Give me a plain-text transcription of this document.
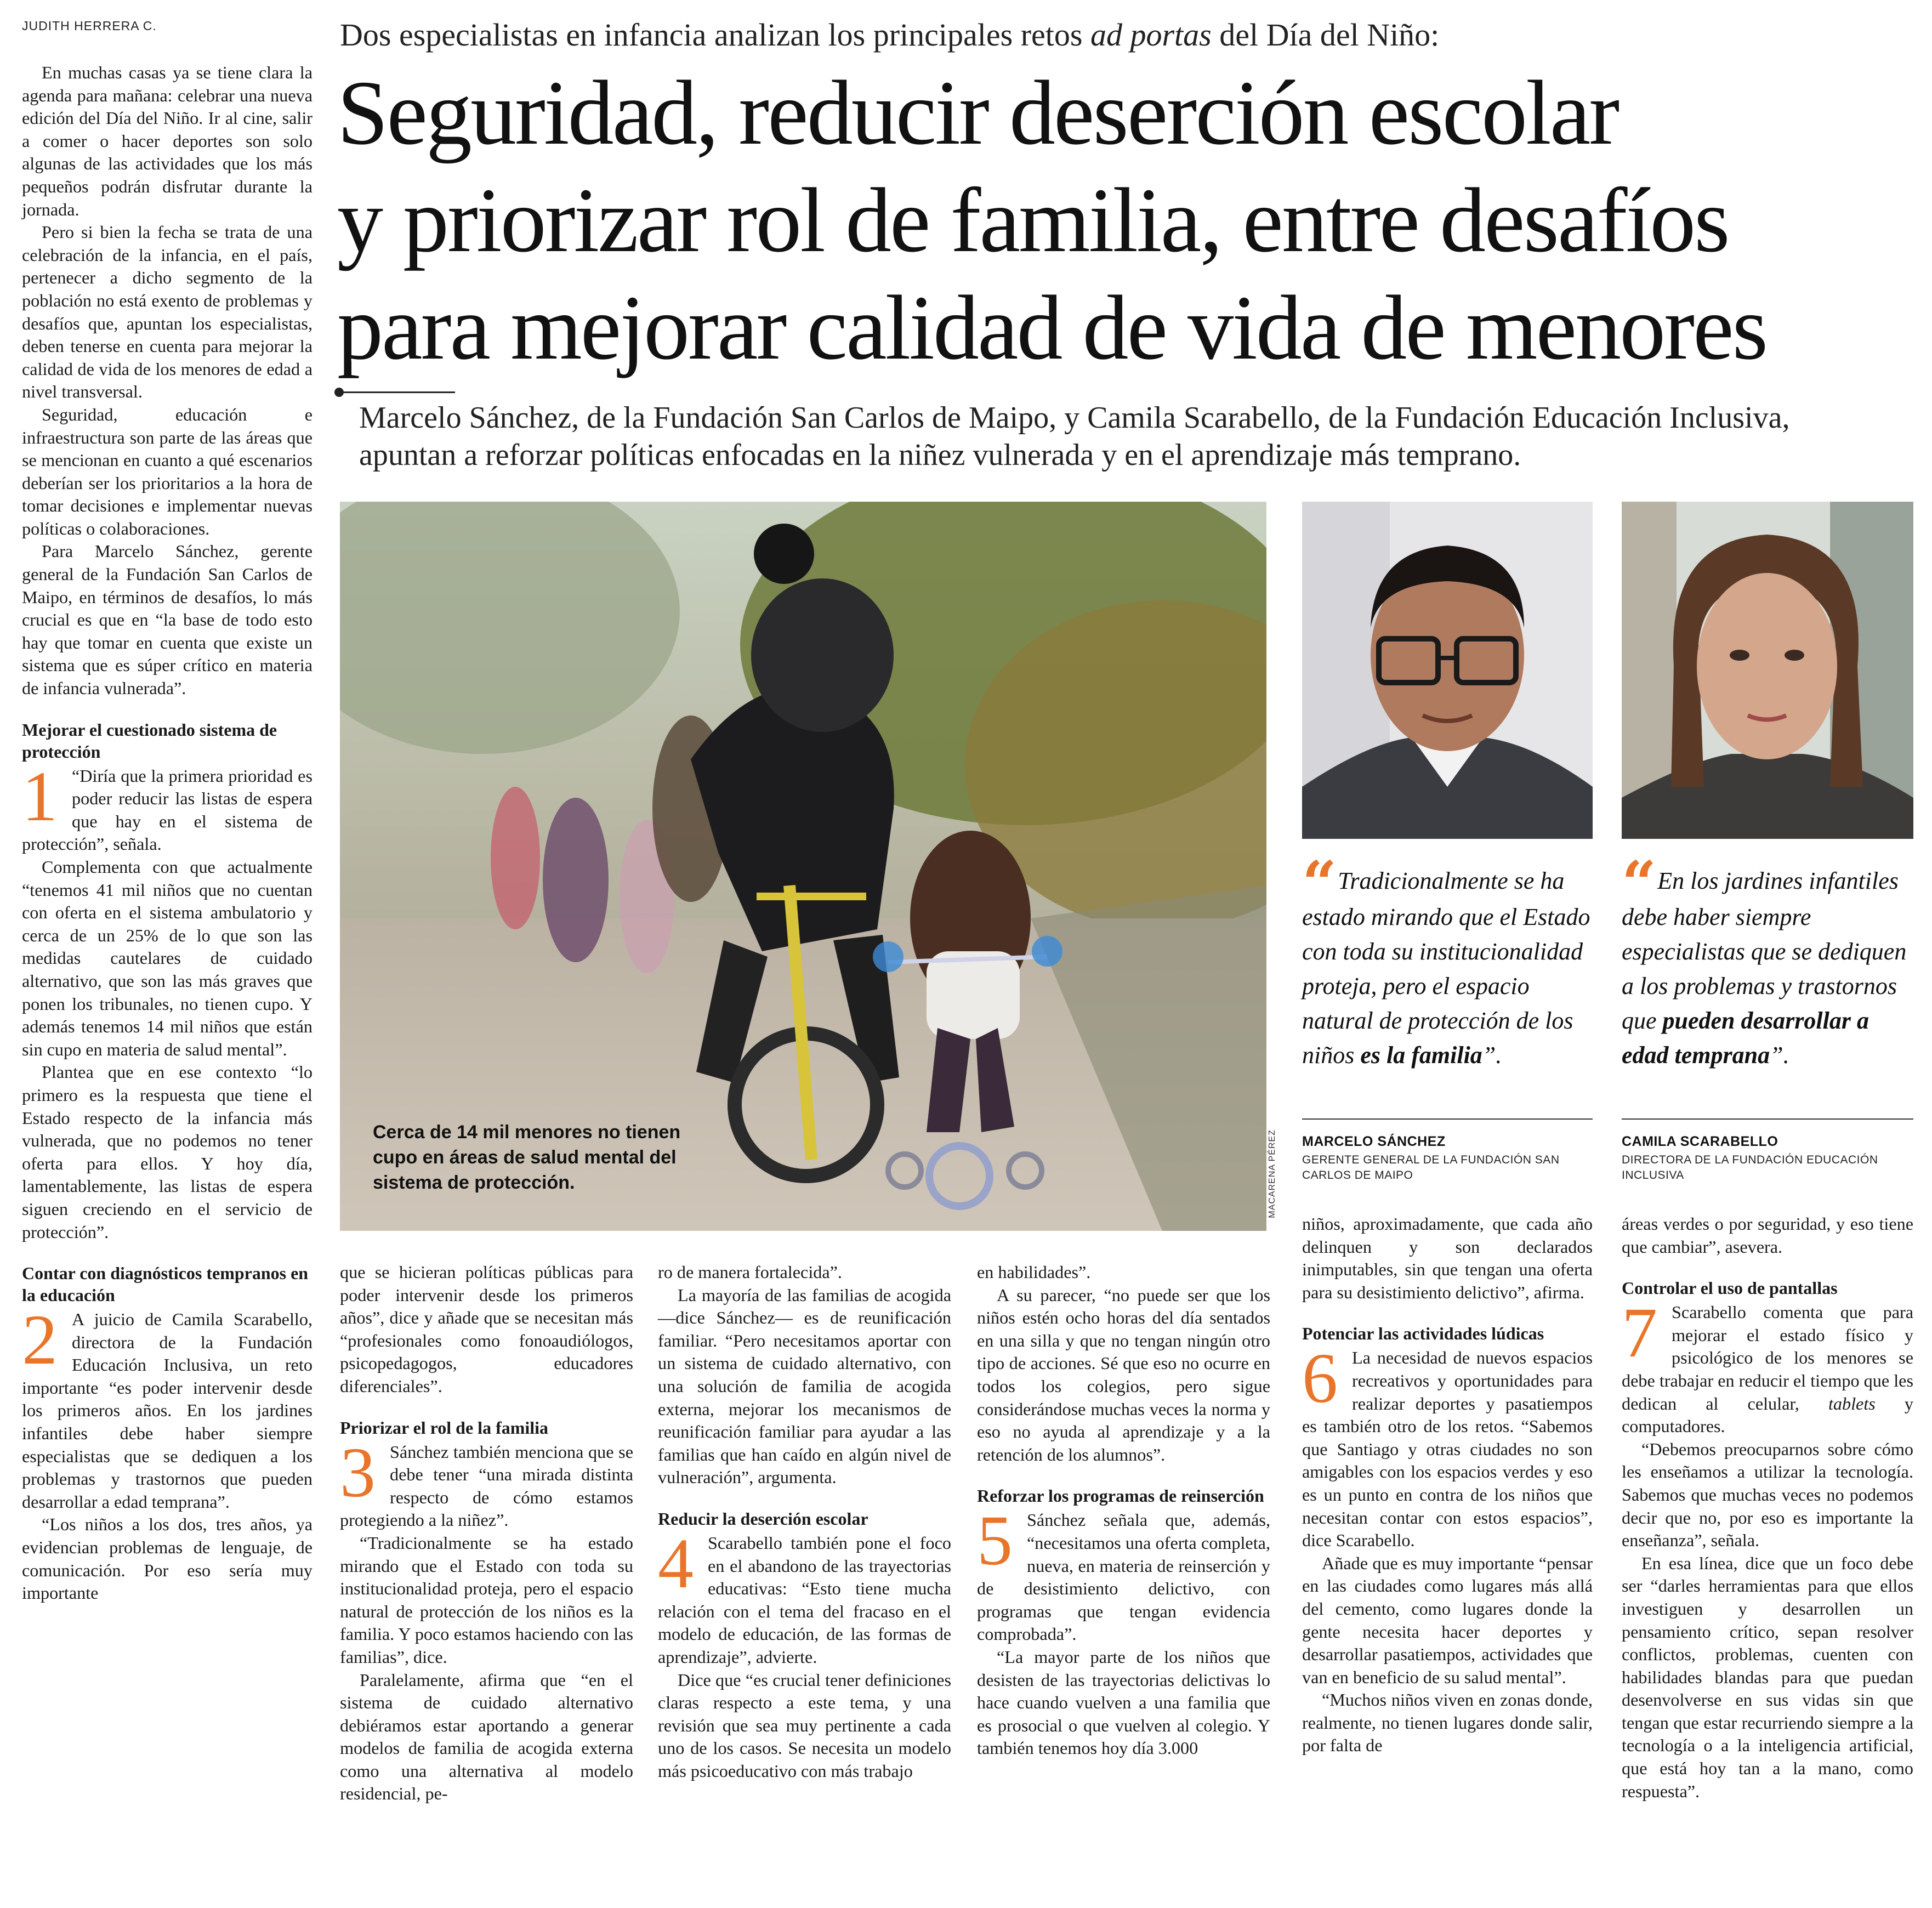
JUDITH HERRERA C.	Dos especialistas en infancia analizan los principales retos ad portas del Día del Niño:
Seguridad, reducir deserción escolar
y priorizar rol de familia, entre desafíos
para mejorar calidad de vida de menores
Marcelo Sánchez, de la Fundación San Carlos de Maipo, y Camila Scarabello, de la Fundación Educación Inclusiva, apuntan a reforzar políticas enfocadas en la niñez vulnerada y en el aprendizaje más temprano.
MACARENA PÉREZ
Cerca de 14 mil menores no tienen cupo en áreas de salud mental del sistema de protección.
“ Tradicionalmente se ha estado mirando que el Estado con toda su institucionalidad proteja, pero el espacio natural de protección de los niños es la familia”.
MARCELO SÁNCHEZ
GERENTE GENERAL DE LA FUNDACIÓN SAN CARLOS DE MAIPO
“ En los jardines infantiles debe haber siempre especialistas que se dediquen a los problemas y trastornos que pueden desarrollar a edad temprana”.
CAMILA SCARABELLO
DIRECTORA DE LA FUNDACIÓN EDUCACIÓN INCLUSIVA

En muchas casas ya se tiene clara la agenda para mañana: celebrar una nueva edición del Día del Niño. Ir al cine, salir a comer o hacer deportes son solo algunas de las actividades que los más pequeños podrán disfrutar durante la jornada.

Pero si bien la fecha se trata de una celebración de la infancia, en el país, pertenecer a dicho segmento de la población no está exento de problemas y desafíos que, apuntan los especialistas, deben tenerse en cuenta para mejorar la calidad de vida de los menores de edad a nivel transversal.

Seguridad, educación e infraestructura son parte de las áreas que se mencionan en cuanto a qué escenarios deberían ser los prioritarios a la hora de tomar decisiones e implementar nuevas políticas o colaboraciones.

Para Marcelo Sánchez, gerente general de la Fundación San Carlos de Maipo, en términos de desafíos, lo más crucial es que en “la base de todo esto hay que tomar en cuenta que existe un sistema que es súper crítico en materia de infancia vulnerada”.

Mejorar el cuestionado sistema de protección

1 “Diría que la primera prioridad es poder reducir las listas de espera que hay en el sistema de protección”, señala.

Complementa con que actualmente “tenemos 41 mil niños que no cuentan con oferta en el sistema ambulatorio y cerca de un 25% de lo que son las medidas cautelares de cuidado alternativo, que son las más graves que ponen los tribunales, no tienen cupo. Y además tenemos 14 mil niños que están sin cupo en materia de salud mental”.

Plantea que en ese contexto “lo primero es la respuesta que tiene el Estado respecto de la infancia más vulnerada, que no podemos no tener oferta para ellos. Y hoy día, lamentablemente, las listas de espera siguen creciendo en el servicio de protección”.

Contar con diagnósticos tempranos en la educación

2 A juicio de Camila Scarabello, directora de la Fundación Educación Inclusiva, un reto importante “es poder intervenir desde los primeros años. En los jardines infantiles debe haber siempre especialistas que se dediquen a los problemas y trastornos que pueden desarrollar a edad temprana”.

“Los niños a los dos, tres años, ya evidencian problemas de lenguaje, de comunicación. Por eso sería muy importante

que se hicieran políticas públicas para poder intervenir desde los primeros años”, dice y añade que se necesitan más “profesionales como fonoaudiólogos, psicopedagogos, educadores diferenciales”.

Priorizar el rol de la familia

3 Sánchez también menciona que se debe tener “una mirada distinta respecto de cómo estamos protegiendo a la niñez”.

“Tradicionalmente se ha estado mirando que el Estado con toda su institucionalidad proteja, pero el espacio natural de protección de los niños es la familia. Y poco estamos haciendo con las familias”, dice.

Paralelamente, afirma que “en el sistema de cuidado alternativo debiéramos estar aportando a generar modelos de familia de acogida externa como una alternativa al modelo residencial, pe-

ro de manera fortalecida”.

La mayoría de las familias de acogida —dice Sánchez— es de reunificación familiar. “Pero necesitamos aportar con un sistema de cuidado alternativo, con una solución de familia de acogida externa, mejorar los mecanismos de reunificación familiar para ayudar a las familias que han caído en algún nivel de vulneración”, argumenta.

Reducir la deserción escolar

4 Scarabello también pone el foco en el abandono de las trayectorias educativas: “Esto tiene mucha relación con el tema del fracaso en el modelo de educación, de las formas de aprendizaje”, advierte.

Dice que “es crucial tener definiciones claras respecto a este tema, y una revisión que sea muy pertinente a cada uno de los casos. Se necesita un modelo más psicoeducativo con más trabajo

en habilidades”.

A su parecer, “no puede ser que los niños estén ocho horas del día sentados en una silla y que no tengan ningún otro tipo de acciones. Sé que eso no ocurre en todos los colegios, pero sigue considerándose muchas veces la norma y eso no ayuda al aprendizaje y a la retención de los alumnos”.

Reforzar los programas de reinserción

5 Sánchez señala que, además, “necesitamos una oferta completa, nueva, en materia de reinserción y de desistimiento delictivo, con programas que tengan evidencia comprobada”.

“La mayor parte de los niños que desisten de las trayectorias delictivas lo hace cuando vuelven a una familia que es prosocial o que vuelven al colegio. Y también tenemos hoy día 3.000

niños, aproximadamente, que cada año delinquen y son declarados inimputables, sin que tengan una oferta para su desistimiento delictivo”, afirma.

Potenciar las actividades lúdicas

6 La necesidad de nuevos espacios recreativos y oportunidades para realizar deportes y pasatiempos es también otro de los retos. “Sabemos que Santiago y otras ciudades no son amigables con los espacios verdes y eso es un punto en contra de los niños que necesitan contar con estos espacios”, dice Scarabello.

Añade que es muy importante “pensar en las ciudades como lugares más allá del cemento, como lugares donde la gente necesita hacer deportes y desarrollar pasatiempos, actividades que van en beneficio de su salud mental”.

“Muchos niños viven en zonas donde, realmente, no tienen lugares donde salir, por falta de

áreas verdes o por seguridad, y eso tiene que cambiar”, asevera.

Controlar el uso de pantallas

7 Scarabello comenta que para mejorar el estado físico y psicológico de los menores se debe trabajar en reducir el tiempo que les dedican al celular, tablets y computadores.

“Debemos preocuparnos sobre cómo les enseñamos a utilizar la tecnología. Sabemos que muchas veces no podemos decir que no, por eso es importante la enseñanza”, señala.

En esa línea, dice que un foco debe ser “darles herramientas para que ellos investiguen y desarrollen un pensamiento crítico, sepan resolver conflictos, problemas, cuenten con habilidades blandas para que puedan desenvolverse en sus vidas sin que tengan que estar recurriendo siempre a la tecnología o a la inteligencia artificial, que está hoy tan a la mano, como respuesta”.
